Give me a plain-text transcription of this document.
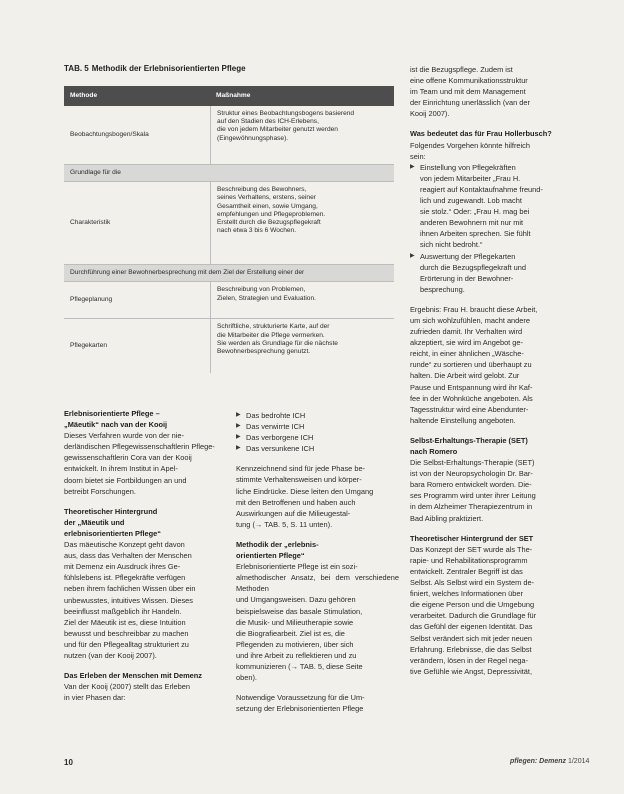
TAB. 5 Methodik der Erlebnisorientierten Pflege
Methode	Maßnahme
Beobachtungsbogen/Skala
Struktur eines Beobachtungsbogens basierend
auf den Stadien des ICH-Erlebens,
die von jedem Mitarbeiter genutzt werden
(Eingewöhnungsphase).
Grundlage für die
Charakteristik
Beschreibung des Bewohners,
seines Verhaltens, erstens, seiner
Gesamtheit einen, sowie Umgang,
empfehlungen und Pflegeproblemen.
Erstellt durch die Bezugspflegekraft
nach etwa 3 bis 6 Wochen.
Durchführung einer Bewohnerbesprechung mit dem Ziel der Erstellung einer der
Pflegeplanung
Beschreibung von Problemen,
Zielen, Strategien und Evaluation.
Pflegekarten
Schriftliche, strukturierte Karte, auf der
die Mitarbeiter die Pflege vermerken.
Sie werden als Grundlage für die nächste
Bewohnerbesprechung genutzt.

Erlebnisorientierte Pflege –
„Mäeutik“ nach van der Kooij

Dieses Verfahren wurde von der nie-
derländischen Pflegewissenschaftlerin Pflege-
gewissenschaftlerin Cora van der Kooij
entwickelt. In ihrem Institut in Apel-
doorn bietet sie Fortbildungen an und
betreibt Forschungen.

Theoretischer Hintergrund
der „Mäeutik und
erlebnisorientierten Pflege“

Das mäeutische Konzept geht davon
aus, dass das Verhalten der Menschen
mit Demenz ein Ausdruck ihres Ge-
fühlslebens ist. Pflegekräfte verfügen
neben ihrem fachlichen Wissen über ein
unbewusstes, intuitives Wissen. Dieses
beeinflusst maßgeblich ihr Handeln.
Ziel der Mäeutik ist es, diese Intuition
bewusst und beschreibbar zu machen
und für den Pflegealltag strukturiert zu
nutzen (van der Kooij 2007).

Das Erleben der Menschen mit Demenz

Van der Kooij (2007) stellt das Erleben
in vier Phasen dar:

▶ Das bedrohte ICH
▶ Das verwirrte ICH
▶ Das verborgene ICH
▶ Das versunkene ICH

Kennzeichnend sind für jede Phase be-
stimmte Verhaltensweisen und körper-
liche Eindrücke. Diese leiten den Umgang
mit den Betroffenen und haben auch
Auswirkungen auf die Milieugestal-
tung (→ TAB. 5, S. 11 unten).

Methodik der „erlebnis-
orientierten Pflege“

Erlebnisorientierte Pflege ist ein sozi-
almethodischer Ansatz, bei dem verschiedene Methoden
und Umgangsweisen. Dazu gehören
beispielsweise das basale Stimulation,
die Musik- und Milieutherapie sowie
die Biografiearbeit. Ziel ist es, die
Pflegenden zu motivieren, über sich
und ihre Arbeit zu reflektieren und zu
kommunizieren (→ TAB. 5, diese Seite
oben).

Notwendige Voraussetzung für die Um-
setzung der Erlebnisorientierten Pflege

ist die Bezugspflege. Zudem ist
eine offene Kommunikationsstruktur
im Team und mit dem Management
der Einrichtung unerlässlich (van der
Kooij 2007).

Was bedeutet das für Frau Hollerbusch?

Folgendes Vorgehen könnte hilfreich
sein:

▶ Einstellung von Pflegekräften
von jedem Mitarbeiter „Frau H.
reagiert auf Kontaktaufnahme freund-
lich und zugewandt. Lob macht
sie stolz.“ Oder: „Frau H. mag bei
anderen Bewohnern mit nur mit
ihnen Arbeiten sprechen. Sie fühlt
sich nicht bedroht.“
▶ Auswertung der Pflegekarten
durch die Bezugspflegekraft und
Erörterung in der Bewohner-
besprechung.

Ergebnis: Frau H. braucht diese Arbeit,
um sich wohlzufühlen, macht andere
zufrieden damit. Ihr Verhalten wird
akzeptiert, sie wird im Angebot ge-
reicht, in einer ähnlichen „Wäsche-
runde“ zu sortieren und überhaupt zu
halten. Die Arbeit wird gelobt. Zur
Pause und Entspannung wird ihr Kaf-
fee in der Wohnküche angeboten. Als
Tagesstruktur wird eine Abendunter-
haltende Einstellung angeboten.

Selbst-Erhaltungs-Therapie (SET)
nach Romero

Die Selbst-Erhaltungs-Therapie (SET)
ist von der Neuropsychologin Dr. Bar-
bara Romero entwickelt worden. Die-
ses Programm wird unter ihrer Leitung
in dem Alzheimer Therapiezentrum in
Bad Aibling praktiziert.

Theoretischer Hintergrund der SET

Das Konzept der SET wurde als The-
rapie- und Rehabilitationsprogramm
entwickelt. Zentraler Begriff ist das
Selbst. Als Selbst wird ein System de-
finiert, welches Informationen über
die eigene Person und die Umgebung
verarbeitet. Dadurch die Grundlage für
das Gefühl der eigenen Identität. Das
Selbst verändert sich mit jeder neuen
Erfahrung. Erlebnisse, die das Selbst
verändern, lösen in der Regel nega-
tive Gefühle wie Angst, Depressivität,

10	pflegen: Demenz 1/2014
